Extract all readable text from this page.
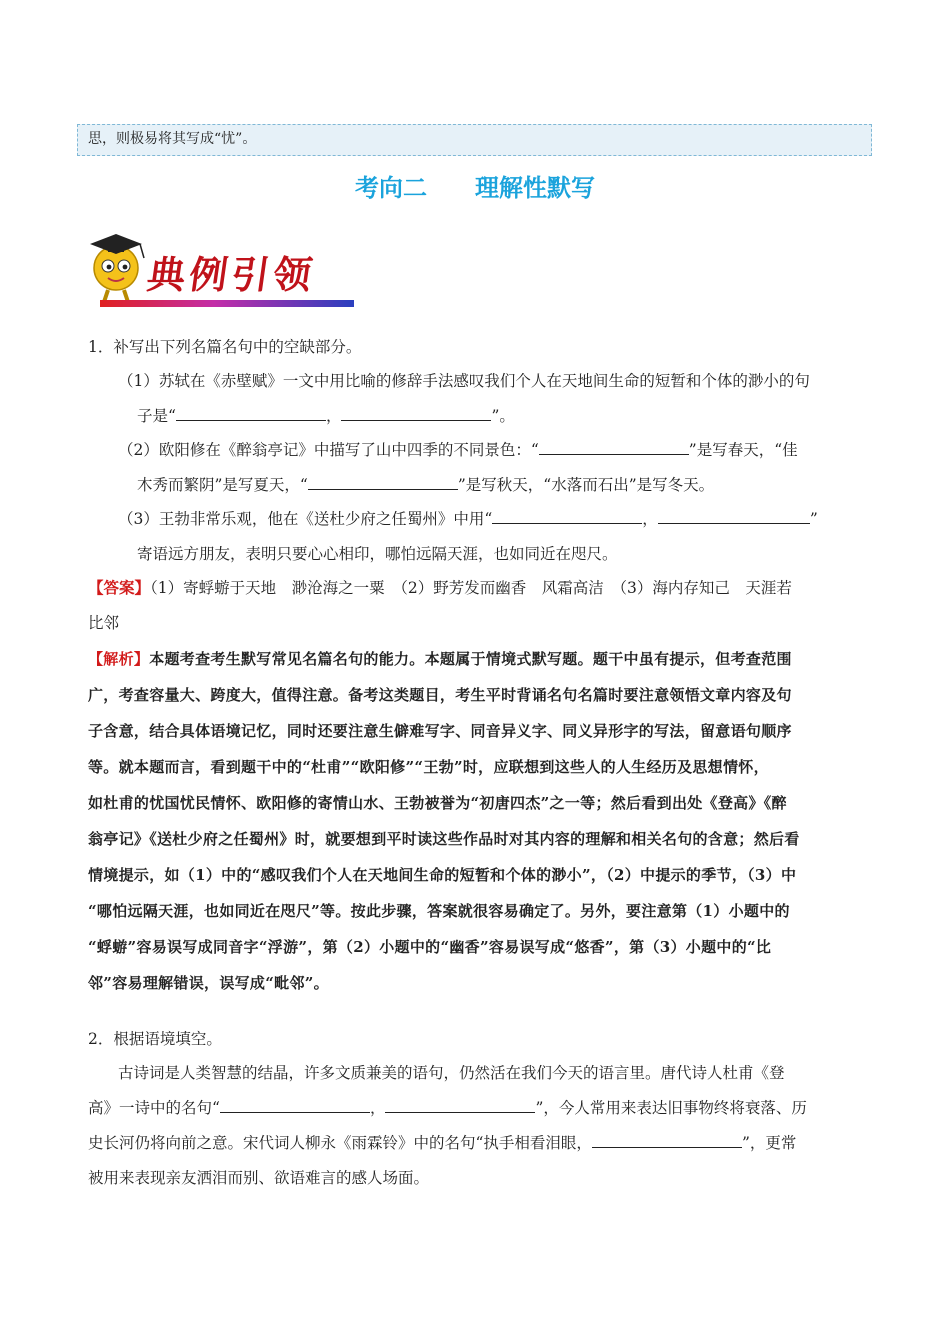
思，则极易将其写成“忧”。
考向二　　理解性默写
典例引领
1．补写出下列名篇名句中的空缺部分。
（1）苏轼在《赤壁赋》一文中用比喻的修辞手法感叹我们个人在天地间生命的短暂和个体的渺小的句
子是“	，	”。
（2）欧阳修在《醉翁亭记》中描写了山中四季的不同景色：“	”是写春天，“佳
木秀而繁阴”是写夏天，“	”是写秋天，“水落而石出”是写冬天。
（3）王勃非常乐观，他在《送杜少府之任蜀州》中用“	，	”
寄语远方朋友，表明只要心心相印，哪怕远隔天涯，也如同近在咫尺。
【答案】（1）寄蜉蝣于天地　渺沧海之一粟　（2）野芳发而幽香　风霜高洁　（3）海内存知己　天涯若
比邻
【解析】本题考查考生默写常见名篇名句的能力。本题属于情境式默写题。题干中虽有提示，但考查范围
广，考查容量大、跨度大，值得注意。备考这类题目，考生平时背诵名句名篇时要注意领悟文章内容及句
子含意，结合具体语境记忆，同时还要注意生僻难写字、同音异义字、同义异形字的写法，留意语句顺序
等。就本题而言，看到题干中的“杜甫”“欧阳修”“王勃”时，应联想到这些人的人生经历及思想情怀，
如杜甫的忧国忧民情怀、欧阳修的寄情山水、王勃被誉为“初唐四杰”之一等；然后看到出处《登高》《醉
翁亭记》《送杜少府之任蜀州》时，就要想到平时读这些作品时对其内容的理解和相关名句的含意；然后看
情境提示，如（1）中的“感叹我们个人在天地间生命的短暂和个体的渺小”，（2）中提示的季节，（3）中
“哪怕远隔天涯，也如同近在咫尺”等。按此步骤，答案就很容易确定了。另外，要注意第（1）小题中的
“蜉蝣”容易误写成同音字“浮游”，第（2）小题中的“幽香”容易误写成“悠香”，第（3）小题中的“比
邻”容易理解错误，误写成“毗邻”。
2．根据语境填空。
古诗词是人类智慧的结晶，许多文质兼美的语句，仍然活在我们今天的语言里。唐代诗人杜甫《登
高》一诗中的名句“	，	”，今人常用来表达旧事物终将衰落、历
史长河仍将向前之意。宋代词人柳永《雨霖铃》中的名句“执手相看泪眼，	”，更常
被用来表现亲友洒泪而别、欲语难言的感人场面。
